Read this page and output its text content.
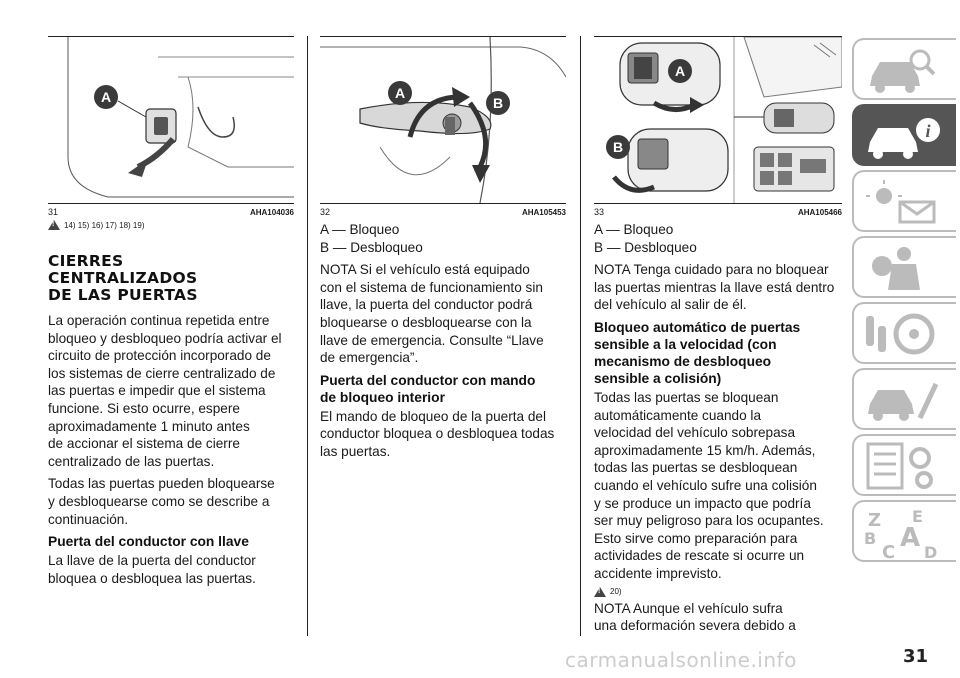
A
31	AHA104036
!
14) 15) 16) 17) 18) 19)
CIERRES
CENTRALIZADOS
DE LAS PUERTAS

La operación continua repetida entre
bloqueo y desbloqueo podría activar el
circuito de protección incorporado de
los sistemas de cierre centralizado de
las puertas e impedir que el sistema
funcione. Si esto ocurre, espere
aproximadamente 1 minuto antes
de accionar el sistema de cierre
centralizado de las puertas.

Todas las puertas pueden bloquearse
y desbloquearse como se describe a
continuación.

Puerta del conductor con llave

La llave de la puerta del conductor
bloquea o desbloquea las puertas.

A
B
32	AHA105453

A — Bloqueo
B — Desbloqueo

NOTA Si el vehículo está equipado
con el sistema de funcionamiento sin
llave, la puerta del conductor podrá
bloquearse o desbloquearse con la
llave de emergencia. Consulte “Llave
de emergencia”.

Puerta del conductor con mando
de bloqueo interior

El mando de bloqueo de la puerta del
conductor bloquea o desbloquea todas
las puertas.

A
B
33	AHA105466

A — Bloqueo
B — Desbloqueo

NOTA Tenga cuidado para no bloquear
las puertas mientras la llave está dentro
del vehículo al salir de él.

Bloqueo automático de puertas
sensible a la velocidad (con
mecanismo de desbloqueo
sensible a colisión)

Todas las puertas se bloquean
automáticamente cuando la
velocidad del vehículo sobrepasa
aproximadamente 15 km/h. Además,
todas las puertas se desbloquean
cuando el vehículo sufre una colisión
y se produce un impacto que podría
ser muy peligroso para los ocupantes.
Esto sirve como preparación para
actividades de rescate si ocurre un
accidente imprevisto.

!
20)

NOTA Aunque el vehículo sufra
una deformación severa debido a

i
Z E
A
B
C D
carmanualsonline.info	31
